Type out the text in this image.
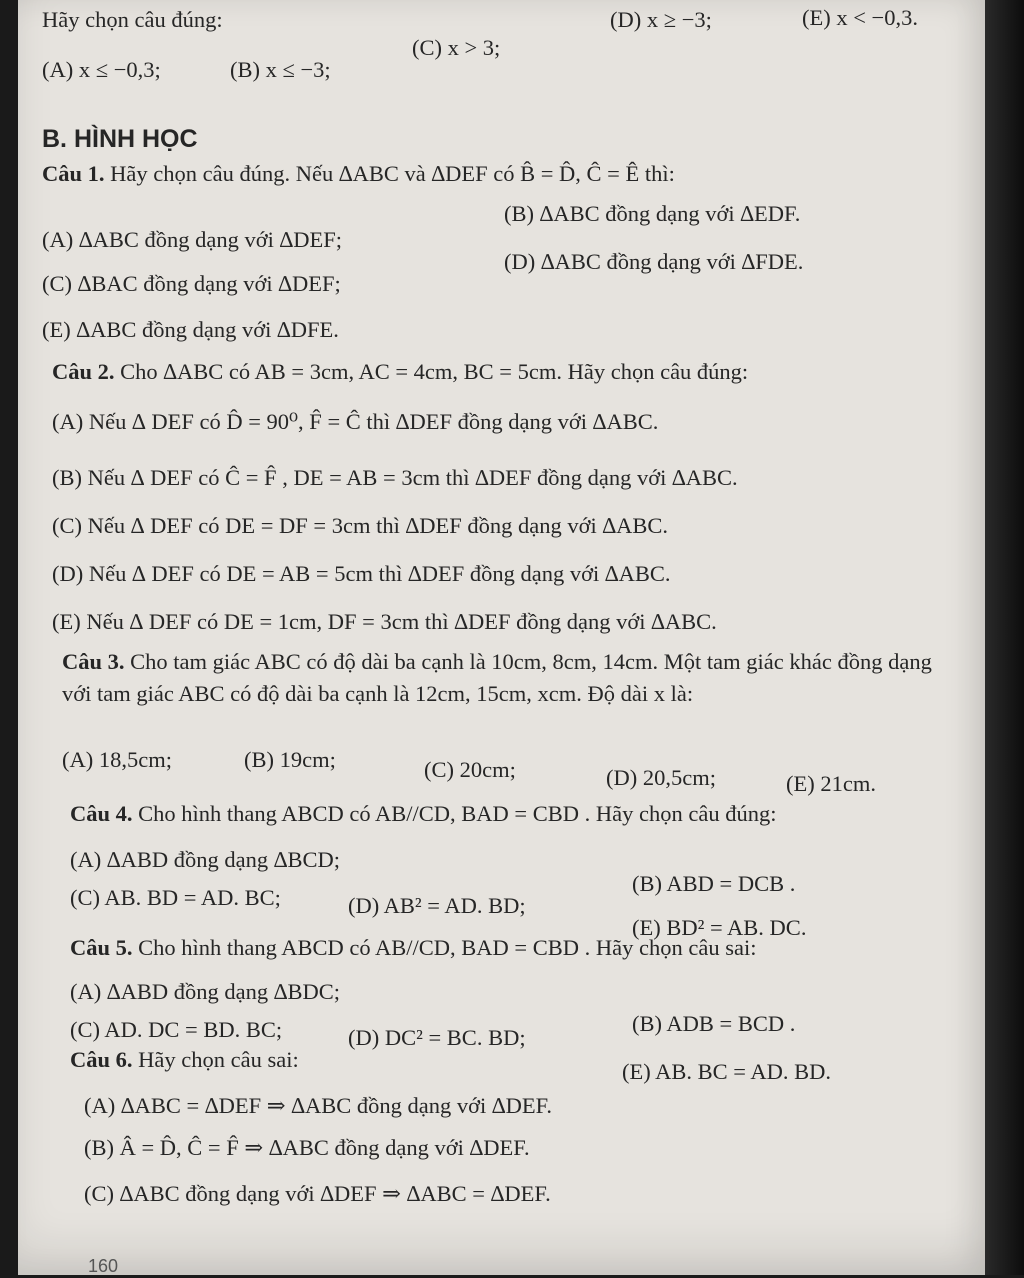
Hãy chọn câu đúng:	(D) x ≥ −3;	(E) x < −0,3.
(A) x ≤ −0,3;	(B) x ≤ −3;
(C) x > 3;
B. HÌNH HỌC
Câu 1. Hãy chọn câu đúng. Nếu ∆ABC và ∆DEF có B̂ = D̂, Ĉ = Ê thì:
(A) ∆ABC đồng dạng với ∆DEF;
(B) ∆ABC đồng dạng với ∆EDF.
(C) ∆BAC đồng dạng với ∆DEF;
(D) ∆ABC đồng dạng với ∆FDE.
(E) ∆ABC đồng dạng với ∆DFE.
Câu 2. Cho ∆ABC có AB = 3cm, AC = 4cm, BC = 5cm. Hãy chọn câu đúng:
(A) Nếu ∆ DEF có D̂ = 90⁰, F̂ = Ĉ thì ∆DEF đồng dạng với ∆ABC.
(B) Nếu ∆ DEF có Ĉ = F̂ , DE = AB = 3cm thì ∆DEF đồng dạng với ∆ABC.
(C) Nếu ∆ DEF có DE = DF = 3cm thì ∆DEF đồng dạng với ∆ABC.
(D) Nếu ∆ DEF có DE = AB = 5cm thì ∆DEF đồng dạng với ∆ABC.
(E) Nếu ∆ DEF có DE = 1cm, DF = 3cm thì ∆DEF đồng dạng với ∆ABC.
Câu 3. Cho tam giác ABC có độ dài ba cạnh là 10cm, 8cm, 14cm. Một tam giác khác đồng dạng với tam giác ABC có độ dài ba cạnh là 12cm, 15cm, xcm. Độ dài x là:
(A) 18,5cm;	(B) 19cm;	(C) 20cm;	(D) 20,5cm;	(E) 21cm.
Câu 4. Cho hình thang ABCD có AB//CD, BAD = CBD . Hãy chọn câu đúng:
(A) ∆ABD đồng dạng ∆BCD;
(B) ABD = DCB .
(C) AB. BD = AD. BC;	(D) AB² = AD. BD;
(E) BD² = AB. DC.
Câu 5. Cho hình thang ABCD có AB//CD, BAD = CBD . Hãy chọn câu sai:
(A) ∆ABD đồng dạng ∆BDC;
(B) ADB = BCD .
(C) AD. DC = BD. BC;	(D) DC² = BC. BD;
Câu 6. Hãy chọn câu sai:	(E) AB. BC = AD. BD.
(A) ∆ABC = ∆DEF ⇒ ∆ABC đồng dạng với ∆DEF.
(B) Â = D̂, Ĉ = F̂ ⇒ ∆ABC đồng dạng với ∆DEF.
(C) ∆ABC đồng dạng với ∆DEF ⇒ ∆ABC = ∆DEF.
160
